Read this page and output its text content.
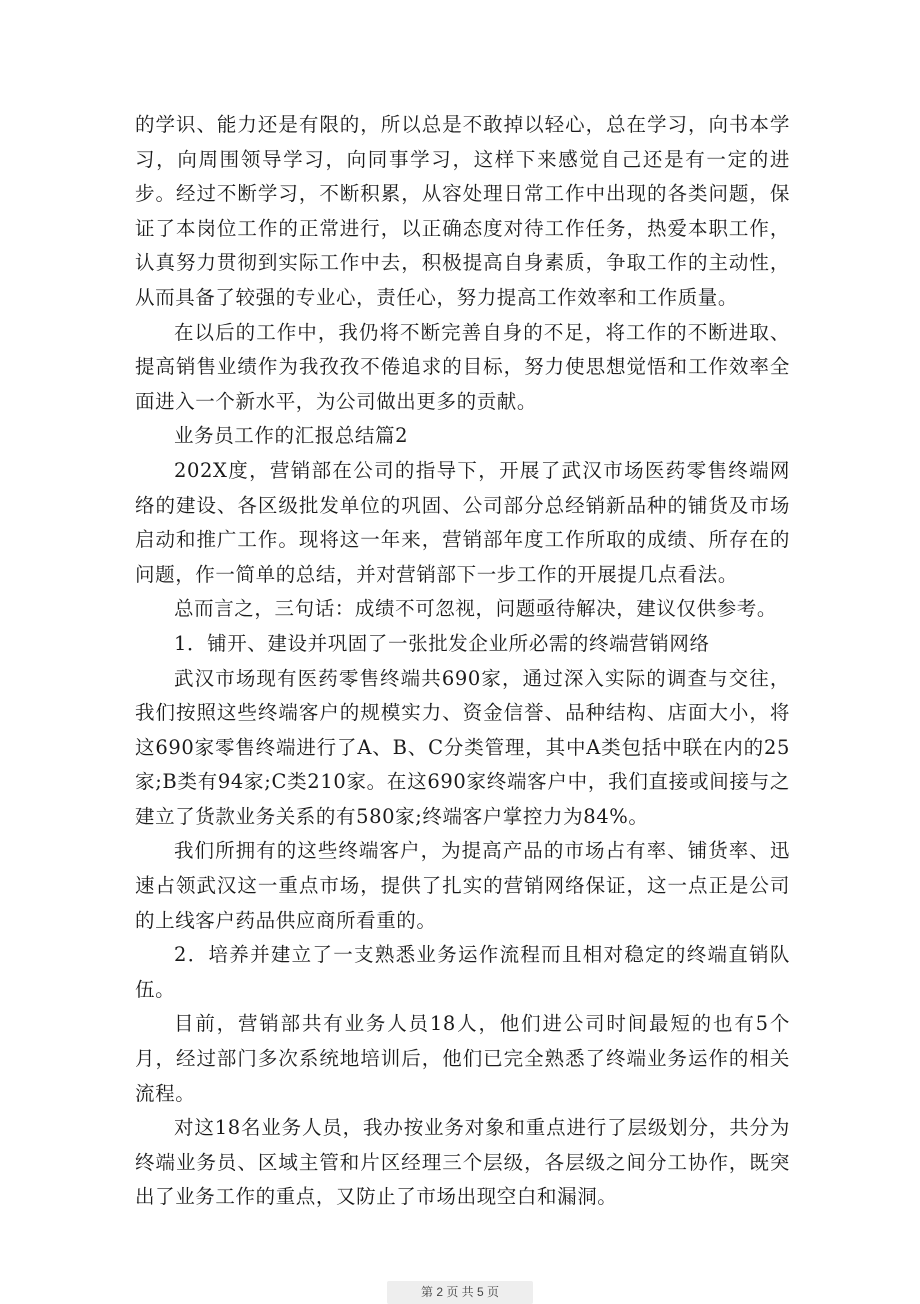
的学识、能力还是有限的，所以总是不敢掉以轻心，总在学习，向书本学习，向周围领导学习，向同事学习，这样下来感觉自己还是有一定的进步。经过不断学习，不断积累，从容处理日常工作中出现的各类问题，保证了本岗位工作的正常进行，以正确态度对待工作任务，热爱本职工作，认真努力贯彻到实际工作中去，积极提高自身素质，争取工作的主动性，从而具备了较强的专业心，责任心，努力提高工作效率和工作质量。

在以后的工作中，我仍将不断完善自身的不足，将工作的不断进取、提高销售业绩作为我孜孜不倦追求的目标，努力使思想觉悟和工作效率全面进入一个新水平，为公司做出更多的贡献。

业务员工作的汇报总结篇2

202X度，营销部在公司的指导下，开展了武汉市场医药零售终端网络的建设、各区级批发单位的巩固、公司部分总经销新品种的铺货及市场启动和推广工作。现将这一年来，营销部年度工作所取的成绩、所存在的问题，作一简单的总结，并对营销部下一步工作的开展提几点看法。

总而言之，三句话：成绩不可忽视，问题亟待解决，建议仅供参考。

1．铺开、建设并巩固了一张批发企业所必需的终端营销网络

武汉市场现有医药零售终端共690家，通过深入实际的调查与交往，我们按照这些终端客户的规模实力、资金信誉、品种结构、店面大小，将这690家零售终端进行了A、B、C分类管理，其中A类包括中联在内的25家;B类有94家;C类210家。在这690家终端客户中，我们直接或间接与之建立了货款业务关系的有580家;终端客户掌控力为84%。

我们所拥有的这些终端客户，为提高产品的市场占有率、铺货率、迅速占领武汉这一重点市场，提供了扎实的营销网络保证，这一点正是公司的上线客户药品供应商所看重的。

2．培养并建立了一支熟悉业务运作流程而且相对稳定的终端直销队伍。

目前，营销部共有业务人员18人，他们进公司时间最短的也有5个月，经过部门多次系统地培训后，他们已完全熟悉了终端业务运作的相关流程。

对这18名业务人员，我办按业务对象和重点进行了层级划分，共分为终端业务员、区域主管和片区经理三个层级，各层级之间分工协作，既突出了业务工作的重点，又防止了市场出现空白和漏洞。

第 2 页 共 5 页
